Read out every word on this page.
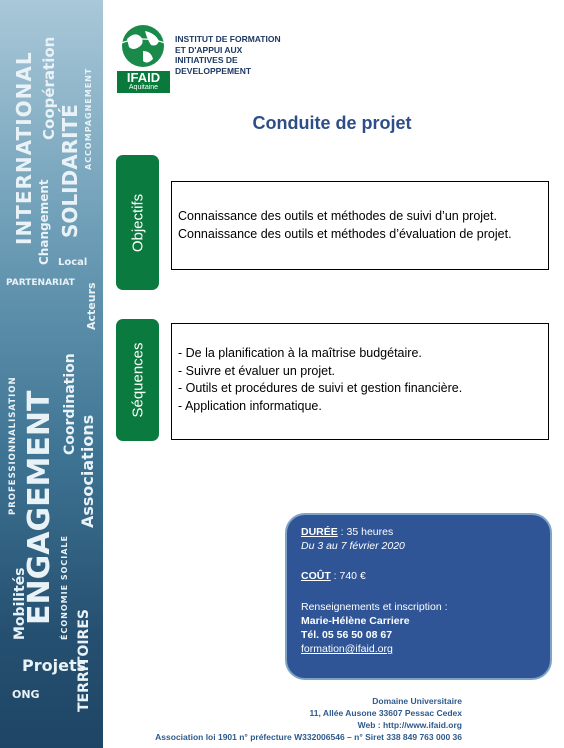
INTERNATIONAL Changement
Coopération
SOLIDARITÉ ACCOMPAGNEMENT
Local
PARTENARIAT Acteurs
PROFESSIONNALISATION ENGAGEMENT Coordination
Associations
ÉCONOMIE SOCIALE
Mobilités
TERRITOIRES
Projets
ONG
IFAID
Aquitaine
INSTITUT DE FORMATION
ET D'APPUI AUX
INITIATIVES DE
DEVELOPPEMENT
Conduite de projet
Objectifs	Connaissance des outils et méthodes de suivi d’un projet.
Connaissance des outils et méthodes d’évaluation de projet.
Séquences	- De la planification à la maîtrise budgétaire.
- Suivre et évaluer un projet.
- Outils et procédures de suivi et gestion financière.
- Application informatique.
DURÉE : 35 heures
Du 3 au 7 février 2020
COÛT : 740 €
Renseignements et inscription :
Marie-Hélène Carriere
Tél. 05 56 50 08 67
formation@ifaid.org
Domaine Universitaire
11, Allée Ausone 33607 Pessac Cedex
Web : http://www.ifaid.org
Association loi 1901 n° préfecture W332006546 – n° Siret 338 849 763 000 36
